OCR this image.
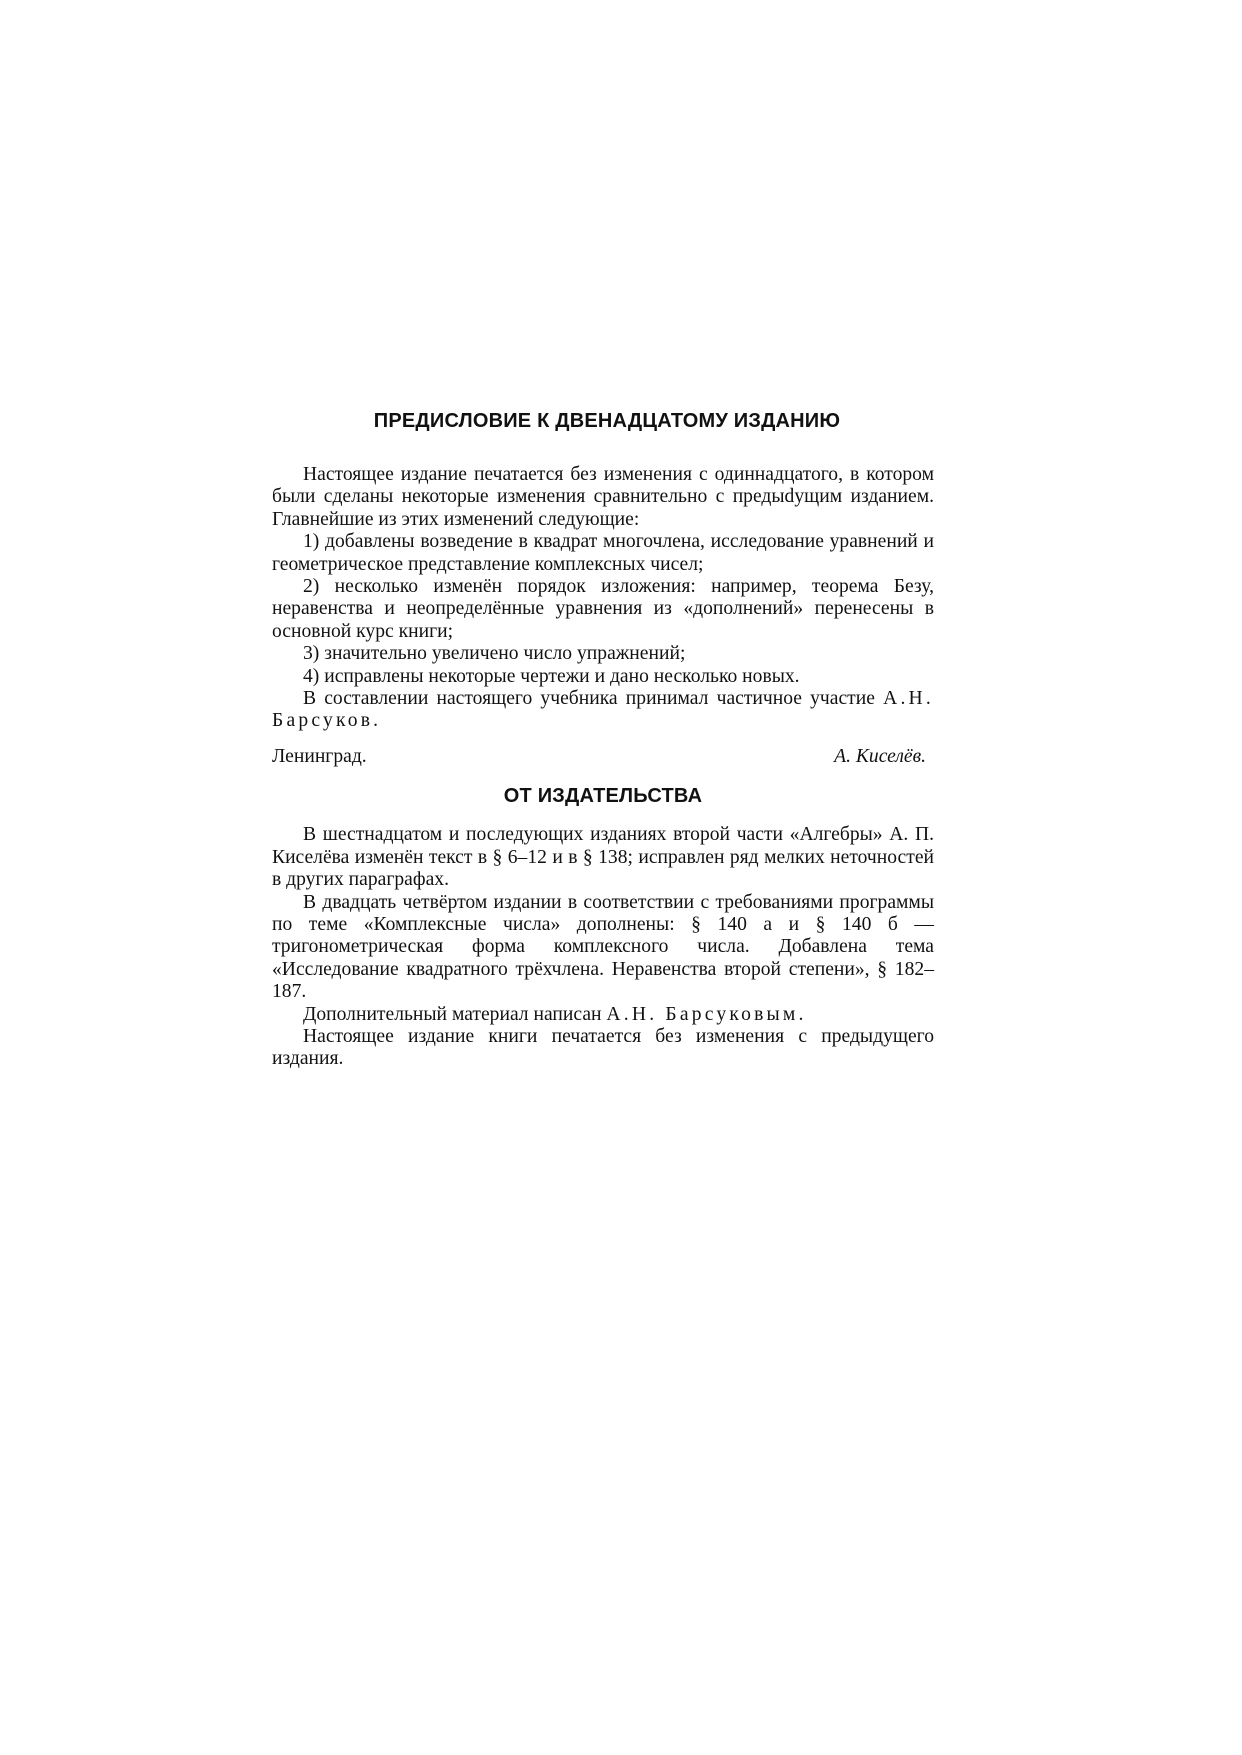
ПРЕДИСЛОВИЕ К ДВЕНАДЦАТОМУ ИЗДАНИЮ

Настоящее издание печатается без изменения с одиннадцатого, в котором были сделаны некоторые изменения сравнительно с предыdущим изданием. Главнейшие из этих изменений следующие:

1) добавлены возведение в квадрат многочлена, исследование уравнений и геометрическое представление комплексных чисел;

2) несколько изменён порядок изложения: например, теорема Безу, неравенства и неопределённые уравнения из «дополнений» перенесены в основной курс книги;

3) значительно увеличено число упражнений;

4) исправлены некоторые чертежи и дано несколько новых.

В составлении настоящего учебника принимал частичное участие А.Н. Барсуков.

Ленинград.	А. Киселёв.
ОТ ИЗДАТЕЛЬСТВА

В шестнадцатом и последующих изданиях второй части «Алгебры» А. П. Киселёва изменён текст в § 6–12 и в § 138; исправлен ряд мелких неточностей в других параграфах.

В двадцать четвёртом издании в соответствии с требованиями программы по теме «Комплексные числа» дополнены: § 140 а и § 140 б — тригонометрическая форма комплексного числа. Добавлена тема «Исследование квадратного трёхчлена. Неравенства второй степени», § 182–187.

Дополнительный материал написан А.Н. Барсуковым.

Настоящее издание книги печатается без изменения с предыдущего издания.
